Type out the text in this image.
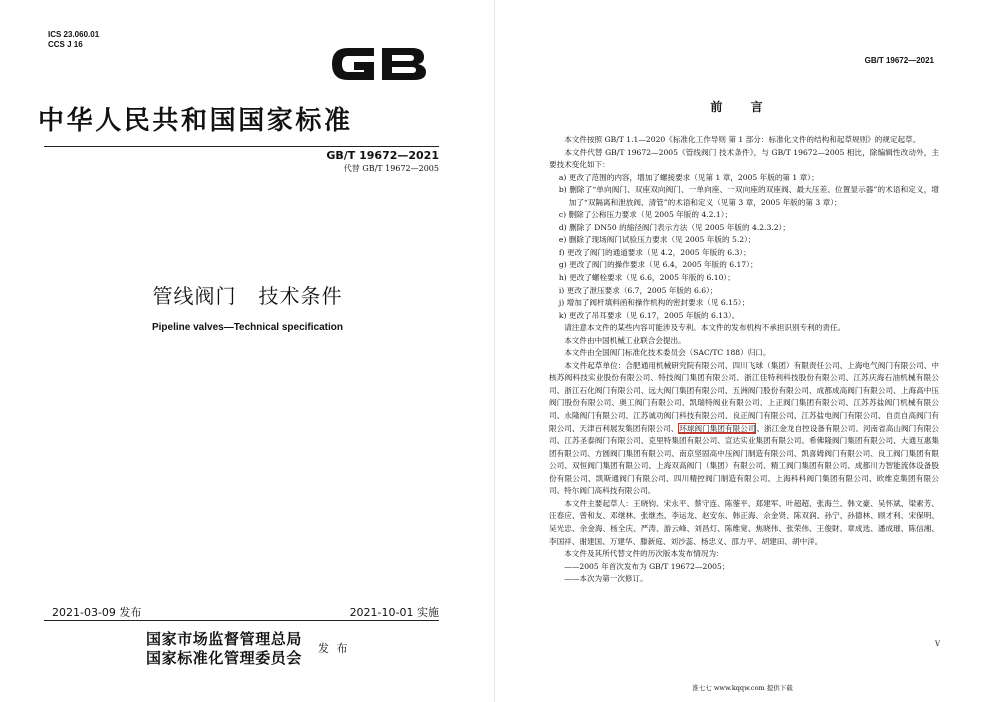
ICS 23.060.01
CCS J 16
中华人民共和国国家标准
GB/T 19672—2021
代替 GB/T 19672—2005
管线阀门   技术条件
Pipeline valves—Technical specification
2021-03-09 发布	2021-10-01 实施
国家市场监督管理总局
国家标准化管理委员会
发 布
GB/T 19672—2021
前 言

本文件按照 GB/T 1.1—2020《标准化工作导则 第 1 部分：标准化文件的结构和起草规则》的规定起草。

本文件代替 GB/T 19672—2005《管线阀门 技术条件》，与 GB/T 19672—2005 相比，除编辑性改动外，主要技术变化如下：

a) 更改了范围的内容，增加了螺接要求（见第 1 章，2005 年版的第 1 章）；

b) 删除了“单向阀门、双座双向阀门、一单向座、一双向座的双座阀、最大压差、位置显示器”的术语和定义，增加了“双隔离和泄放阀、清管”的术语和定义（见第 3 章，2005 年版的第 3 章）；

c) 删除了公称压力要求（见 2005 年版的 4.2.1）；

d) 删除了 DN50 的缩径阀门表示方法（见 2005 年版的 4.2.3.2）；

e) 删除了现场阀门试验压力要求（见 2005 年版的 5.2）；

f) 更改了阀门的通道要求（见 4.2，2005 年版的 6.3）；

g) 更改了阀门的操作要求（见 6.4，2005 年版的 6.17）；

h) 更改了螺栓要求（见 6.6，2005 年版的 6.10）；

i) 更改了泄压要求（6.7，2005 年版的 6.6）；

j) 增加了阀杆填料函和操作机构的密封要求（见 6.15）；

k) 更改了吊耳要求（见 6.17，2005 年版的 6.13）。

请注意本文件的某些内容可能涉及专利。本文件的发布机构不承担识别专利的责任。

本文件由中国机械工业联合会提出。

本文件由全国阀门标准化技术委员会（SAC/TC 188）归口。

本文件起草单位：合肥通用机械研究院有限公司、四川飞球（集团）有限责任公司、上海电气阀门有限公司、中核苏阀科技实业股份有限公司、特技阀门集团有限公司、浙江佳特利科技股份有限公司、江苏庆海石油机械有限公司、浙江石化阀门有限公司、远大阀门集团有限公司、五洲阀门股份有限公司、成都成高阀门有限公司、上海高中压阀门股份有限公司、奥工阀门有限公司、凯瑞特阀业有限公司、上正阀门集团有限公司、江苏苏盐阀门机械有限公司、永隆阀门有限公司、江苏诚功阀门科技有限公司、良正阀门有限公司、江苏盐电阀门有限公司、自贡自高阀门有限公司、天津百利展发集团有限公司、环球阀门集团有限公司、浙江金龙自控设备有限公司、河南省高山阀门有限公司、江苏圣泰阀门有限公司、克里特集团有限公司、宣达实业集团有限公司、希佛隆阀门集团有限公司、大通互惠集团有限公司、方圆阀门集团有限公司、南京坚固高中压阀门制造有限公司、凯喜姆阀门有限公司、良工阀门集团有限公司、双恒阀门集团有限公司、上海双高阀门（集团）有限公司、精工阀门集团有限公司、成都川力智能流体设备股份有限公司、凯斯通阀门有限公司、四川精控阀门制造有限公司、上海科科阀门集团有限公司、欧维克集团有限公司、特尔阀门高科技有限公司。

本文件主要起草人：王晓钧、宋永平、蔡守连、陈蓥平、郑建军、叶超超、张海兰、韩文豪、吴怀斌、梁素芳、汪春应、曾和友、邓继林、张继杰、李运龙、赵安东、韩正海、佘金贤、陈双润、孙宁、孙德林、顾才利、宋保明、吴光忠、余金海、杨全庆、严涛、游云峰、刘昌灯、陈维宽、焦晓伟、张荣伟、王俊財、章成选、潘成璀、陈信湘、李国祥、谢建国、万建华、滕新庭、刘沙蕊、杨忠义、邵力平、胡建田、胡中洋。

本文件及其所代替文件的历次版本发布情况为：

——2005 年首次发布为 GB/T 19672—2005；

——本次为第一次修订。

V
淮七七 www.kqqw.com 提供下载
